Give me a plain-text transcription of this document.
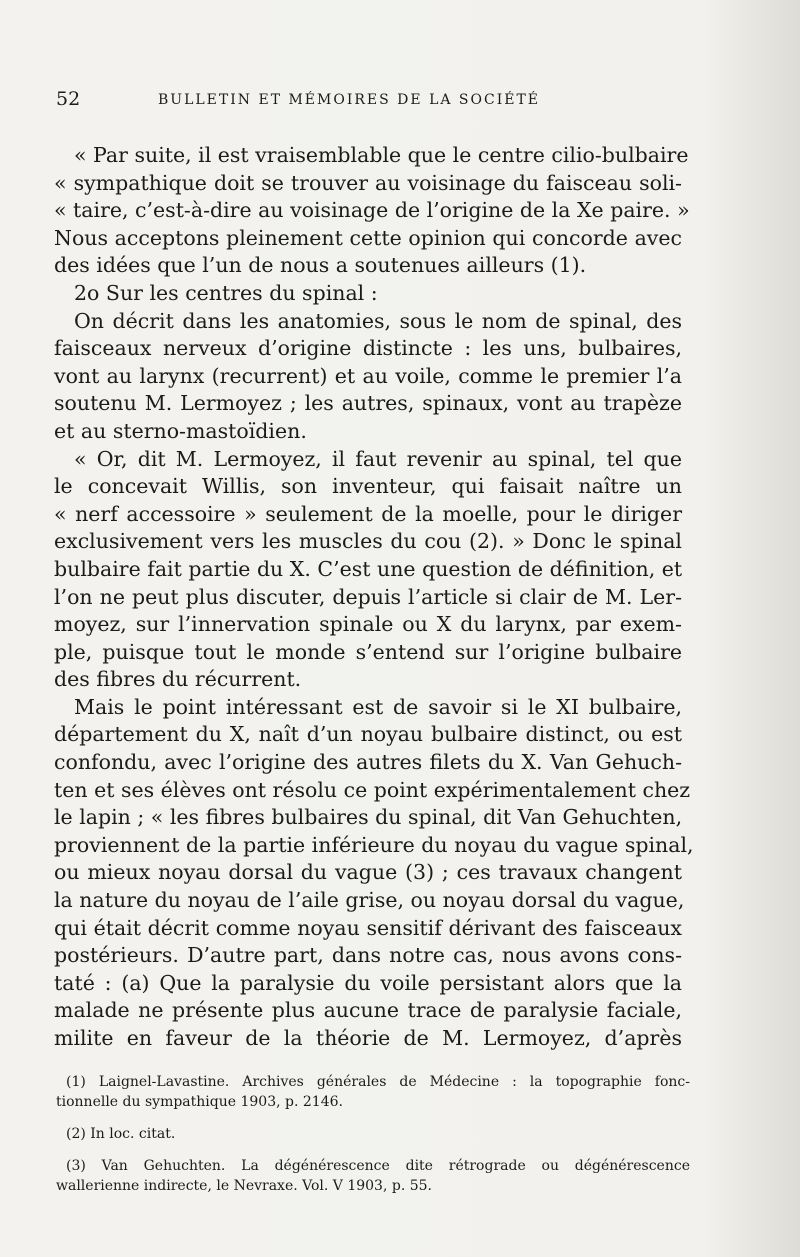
52	BULLETIN ET MÉMOIRES DE LA SOCIÉTÉ
« Par suite, il est vraisemblable que le centre cilio-bulbaire
« sympathique doit se trouver au voisinage du faisceau soli-
« taire, c’est-à-dire au voisinage de l’origine de la Xe paire. »
Nous acceptons pleinement cette opinion qui concorde avec
des idées que l’un de nous a soutenues ailleurs (1).
2o Sur les centres du spinal :
On décrit dans les anatomies, sous le nom de spinal, des
faisceaux nerveux d’origine distincte : les uns, bulbaires,
vont au larynx (recurrent) et au voile, comme le premier l’a
soutenu M. Lermoyez ; les autres, spinaux, vont au trapèze
et au sterno-mastoïdien.
« Or, dit M. Lermoyez, il faut revenir au spinal, tel que
le concevait Willis, son inventeur, qui faisait naître un
« nerf accessoire » seulement de la moelle, pour le diriger
exclusivement vers les muscles du cou (2). » Donc le spinal
bulbaire fait partie du X. C’est une question de définition, et
l’on ne peut plus discuter, depuis l’article si clair de M. Ler-
moyez, sur l’innervation spinale ou X du larynx, par exem-
ple, puisque tout le monde s’entend sur l’origine bulbaire
des fibres du récurrent.
Mais le point intéressant est de savoir si le XI bulbaire,
département du X, naît d’un noyau bulbaire distinct, ou est
confondu, avec l’origine des autres filets du X. Van Gehuch-
ten et ses élèves ont résolu ce point expérimentalement chez
le lapin ; « les fibres bulbaires du spinal, dit Van Gehuchten,
proviennent de la partie inférieure du noyau du vague spinal,
ou mieux noyau dorsal du vague (3) ; ces travaux changent
la nature du noyau de l’aile grise, ou noyau dorsal du vague,
qui était décrit comme noyau sensitif dérivant des faisceaux
postérieurs. D’autre part, dans notre cas, nous avons cons-
taté : (a) Que la paralysie du voile persistant alors que la
malade ne présente plus aucune trace de paralysie faciale,
milite en faveur de la théorie de M. Lermoyez, d’après
(1) Laignel-Lavastine. Archives générales de Médecine : la topographie fonc-
tionnelle du sympathique 1903, p. 2146.
(2) In loc. citat.
(3) Van Gehuchten. La dégénérescence dite rétrograde ou dégénérescence
wallerienne indirecte, le Nevraxe. Vol. V 1903, p. 55.
